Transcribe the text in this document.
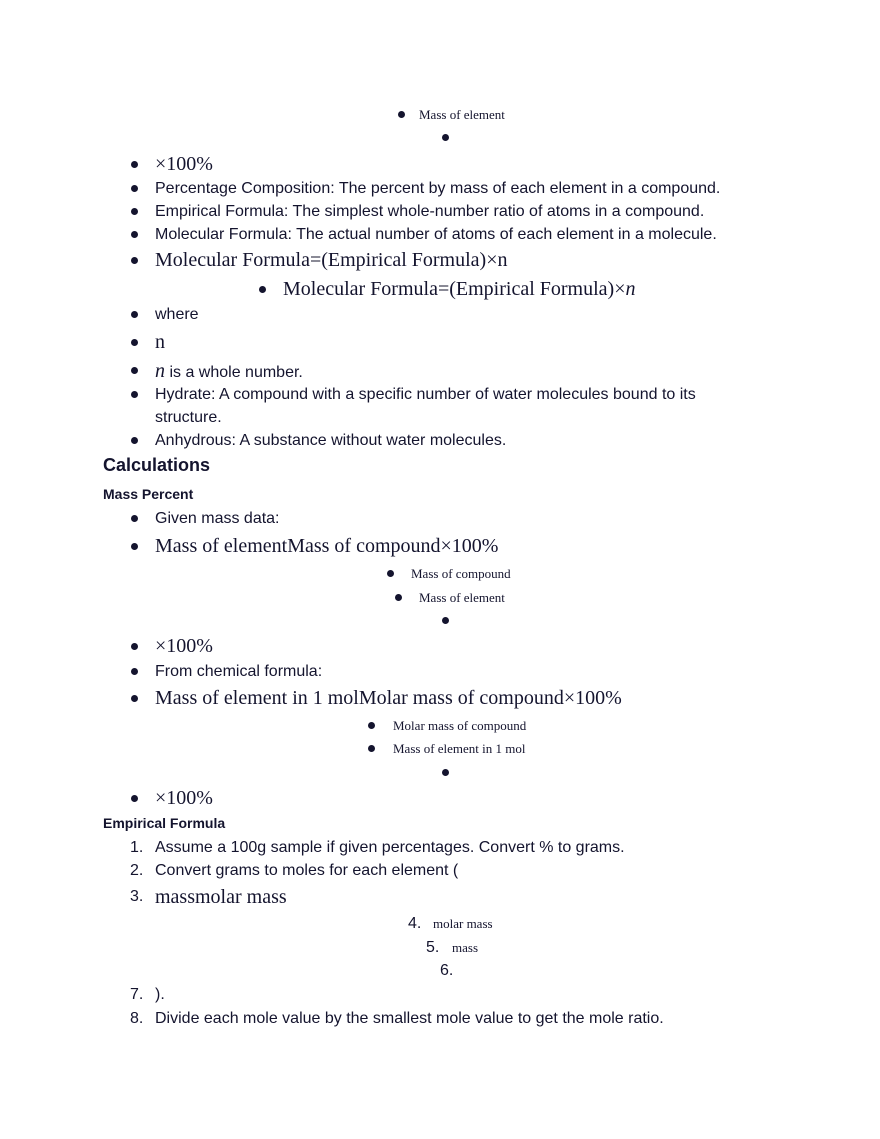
Mass of element
×100%
Percentage Composition: The percent by mass of each element in a compound.
Empirical Formula: The simplest whole-number ratio of atoms in a compound.
Molecular Formula: The actual number of atoms of each element in a molecule.
Molecular Formula=(Empirical Formula)×n
Molecular Formula=(Empirical Formula)×n
where
n
n is a whole number.
Hydrate: A compound with a specific number of water molecules bound to its
structure.
Anhydrous: A substance without water molecules.
Calculations
Mass Percent
Given mass data:
Mass of elementMass of compound×100%
Mass of compound
Mass of element
×100%
From chemical formula:
Mass of element in 1 molMolar mass of compound×100%
Molar mass of compound
Mass of element in 1 mol
×100%
Empirical Formula
1. Assume a 100g sample if given percentages. Convert % to grams.
2. Convert grams to moles for each element (
3. massmolar mass
4. molar mass
5. mass
6.
7. ).
8. Divide each mole value by the smallest mole value to get the mole ratio.
